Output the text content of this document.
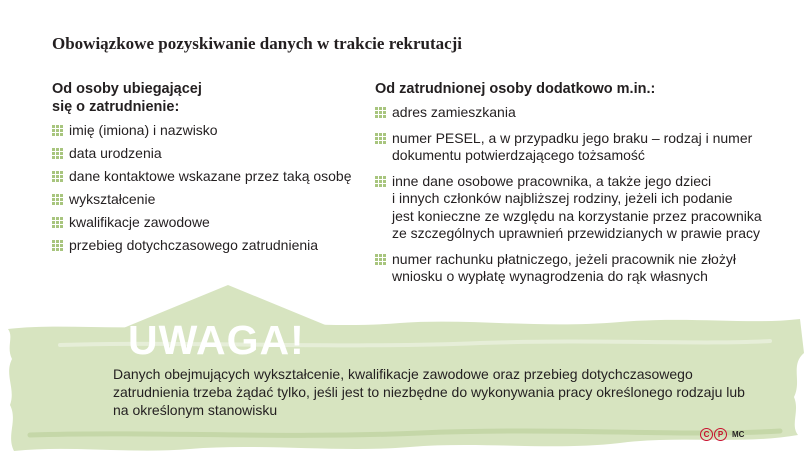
Obowiązkowe pozyskiwanie danych w trakcie rekrutacji
Od osoby ubiegającej
się o zatrudnienie:
imię (imiona) i nazwisko
data urodzenia
dane kontaktowe wskazane przez taką osobę
wykształcenie
kwalifikacje zawodowe
przebieg dotychczasowego zatrudnienia
Od zatrudnionej osoby dodatkowo m.in.:
adres zamieszkania
numer PESEL, a w przypadku jego braku – rodzaj i numer
dokumentu potwierdzającego tożsamość
inne dane osobowe pracownika, a także jego dzieci
i innych członków najbliższej rodziny, jeżeli ich podanie
jest konieczne ze względu na korzystanie przez pracownika
ze szczególnych uprawnień przewidzianych w prawie pracy
numer rachunku płatniczego, jeżeli pracownik nie złożył
wniosku o wypłatę wynagrodzenia do rąk własnych
UWAGA!

Danych obejmujących wykształcenie, kwalifikacje zawodowe oraz przebieg dotychczasowego zatrudnienia trzeba żądać tylko, jeśli jest to niezbędne do wykonywania pracy określonego rodzaju lub na określonym stanowisku

C	P	MC
